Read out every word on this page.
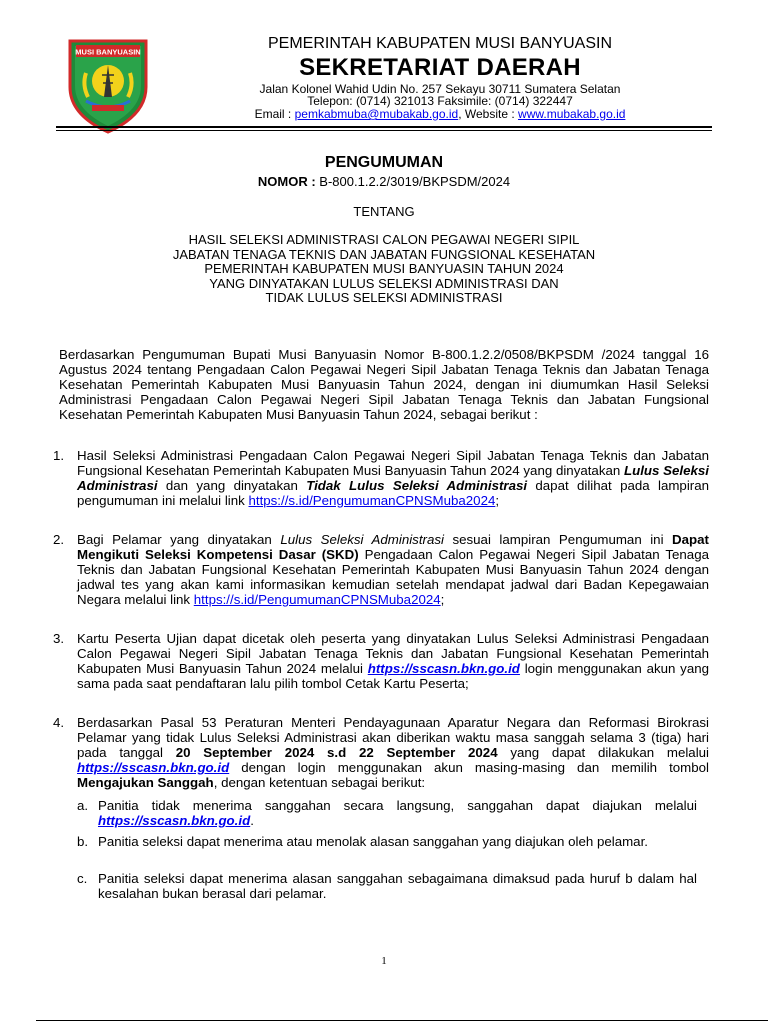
MUSI BANYUASIN	PEMERINTAH KABUPATEN MUSI BANYUASIN
SEKRETARIAT DAERAH
Jalan Kolonel Wahid Udin No. 257 Sekayu 30711 Sumatera Selatan
Telepon: (0714) 321013 Faksimile: (0714) 322447
Email : pemkabmuba@mubakab.go.id, Website : www.mubakab.go.id
PENGUMUMAN
NOMOR : B-800.1.2.2/3019/BKPSDM/2024
TENTANG
HASIL SELEKSI ADMINISTRASI CALON PEGAWAI NEGERI SIPIL
JABATAN TENAGA TEKNIS DAN JABATAN FUNGSIONAL KESEHATAN
PEMERINTAH KABUPATEN MUSI BANYUASIN TAHUN 2024
YANG DINYATAKAN LULUS SELEKSI ADMINISTRASI DAN
TIDAK LULUS SELEKSI ADMINISTRASI
Berdasarkan Pengumuman Bupati Musi Banyuasin Nomor B-800.1.2.2/0508/BKPSDM /2024 tanggal 16 Agustus 2024 tentang Pengadaan Calon Pegawai Negeri Sipil Jabatan Tenaga Teknis dan Jabatan Tenaga Kesehatan Pemerintah Kabupaten Musi Banyuasin Tahun 2024, dengan ini diumumkan Hasil Seleksi Administrasi Pengadaan Calon Pegawai Negeri Sipil Jabatan Tenaga Teknis dan Jabatan Fungsional Kesehatan Pemerintah Kabupaten Musi Banyuasin Tahun 2024, sebagai berikut :
1. Hasil Seleksi Administrasi Pengadaan Calon Pegawai Negeri Sipil Jabatan Tenaga Teknis dan Jabatan Fungsional Kesehatan Pemerintah Kabupaten Musi Banyuasin Tahun 2024 yang dinyatakan Lulus Seleksi Administrasi dan yang dinyatakan Tidak Lulus Seleksi Administrasi dapat dilihat pada lampiran pengumuman ini melalui link https://s.id/PengumumanCPNSMuba2024;
2. Bagi Pelamar yang dinyatakan Lulus Seleksi Administrasi sesuai lampiran Pengumuman ini Dapat Mengikuti Seleksi Kompetensi Dasar (SKD) Pengadaan Calon Pegawai Negeri Sipil Jabatan Tenaga Teknis dan Jabatan Fungsional Kesehatan Pemerintah Kabupaten Musi Banyuasin Tahun 2024 dengan jadwal tes yang akan kami informasikan kemudian setelah mendapat jadwal dari Badan Kepegawaian Negara melalui link https://s.id/PengumumanCPNSMuba2024;
3. Kartu Peserta Ujian dapat dicetak oleh peserta yang dinyatakan Lulus Seleksi Administrasi Pengadaan Calon Pegawai Negeri Sipil Jabatan Tenaga Teknis dan Jabatan Fungsional Kesehatan Pemerintah Kabupaten Musi Banyuasin Tahun 2024 melalui https://sscasn.bkn.go.id login menggunakan akun yang sama pada saat pendaftaran lalu pilih tombol Cetak Kartu Peserta;
4. Berdasarkan Pasal 53 Peraturan Menteri Pendayagunaan Aparatur Negara dan Reformasi Birokrasi Pelamar yang tidak Lulus Seleksi Administrasi akan diberikan waktu masa sanggah selama 3 (tiga) hari pada tanggal 20 September 2024 s.d 22 September 2024 yang dapat dilakukan melalui https://sscasn.bkn.go.id dengan login menggunakan akun masing-masing dan memilih tombol Mengajukan Sanggah, dengan ketentuan sebagai berikut:
a. Panitia tidak menerima sanggahan secara langsung, sanggahan dapat diajukan melalui https://sscasn.bkn.go.id.
b. Panitia seleksi dapat menerima atau menolak alasan sanggahan yang diajukan oleh pelamar.
c. Panitia seleksi dapat menerima alasan sanggahan sebagaimana dimaksud pada huruf b dalam hal kesalahan bukan berasal dari pelamar.
1
